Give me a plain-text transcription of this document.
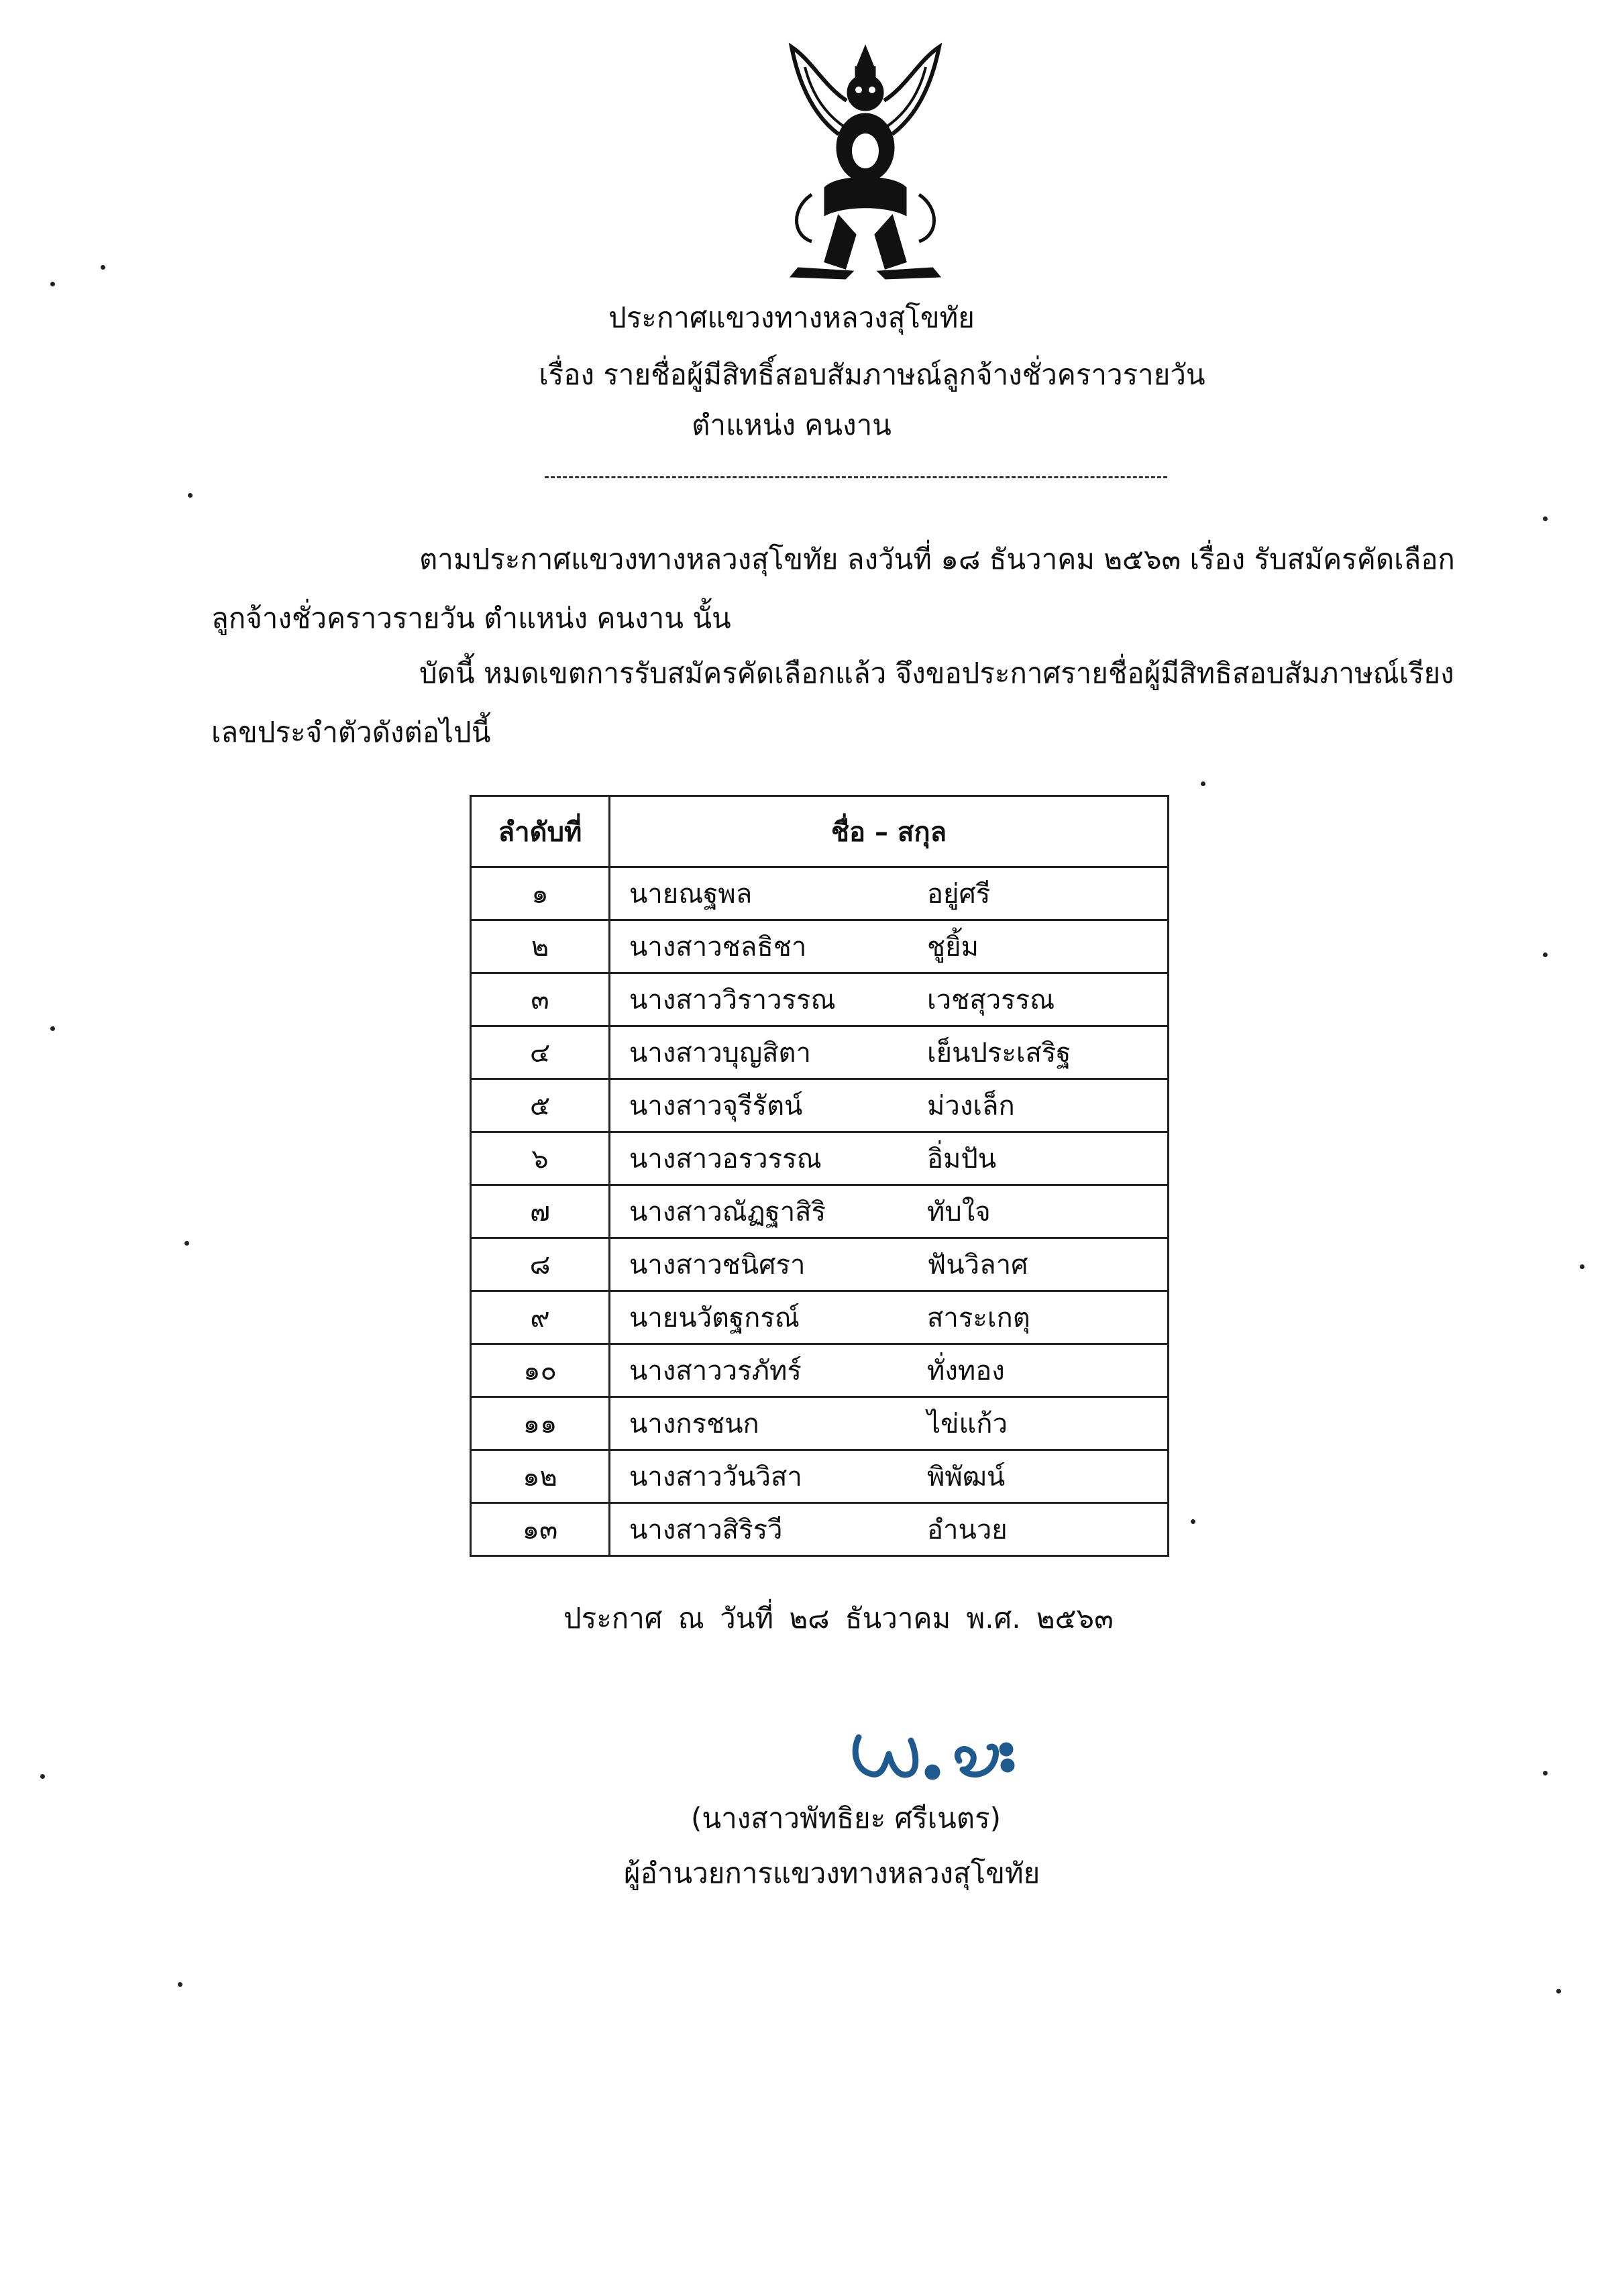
ประกาศแขวงทางหลวงสุโขทัย
เรื่อง รายชื่อผู้มีสิทธิ์สอบสัมภาษณ์ลูกจ้างชั่วคราวรายวัน
ตำแหน่ง คนงาน
ตามประกาศแขวงทางหลวงสุโขทัย ลงวันที่ ๑๘ ธันวาคม ๒๕๖๓ เรื่อง รับสมัครคัดเลือกลูกจ้างชั่วคราวรายวัน ตำแหน่ง คนงาน นั้น
บัดนี้ หมดเขตการรับสมัครคัดเลือกแล้ว จึงขอประกาศรายชื่อผู้มีสิทธิสอบสัมภาษณ์เรียงเลขประจำตัวดังต่อไปนี้
ลำดับที่	ชื่อ – สกุล	
๑	นายณฐพล	อยู่ศรี
๒	นางสาวชลธิชา	ชูยิ้ม
๓	นางสาววิราวรรณ	เวชสุวรรณ
๔	นางสาวบุญสิตา	เย็นประเสริฐ
๕	นางสาวจุรีรัตน์	ม่วงเล็ก
๖	นางสาวอรวรรณ	อิ่มปัน
๗	นางสาวณัฏฐาสิริ	ทับใจ
๘	นางสาวชนิศรา	ฟันวิลาศ
๙	นายนวัตฐกรณ์	สาระเกตุ
๑๐	นางสาววรภัทร์	ทั่งทอง
๑๑	นางกรชนก	ไข่แก้ว
๑๒	นางสาววันวิสา	พิพัฒน์
๑๓	นางสาวสิริรวี	อำนวย
ประกาศ ณ วันที่ ๒๘ ธันวาคม พ.ศ. ๒๕๖๓
(นางสาวพัทธิยะ ศรีเนตร)
ผู้อำนวยการแขวงทางหลวงสุโขทัย
